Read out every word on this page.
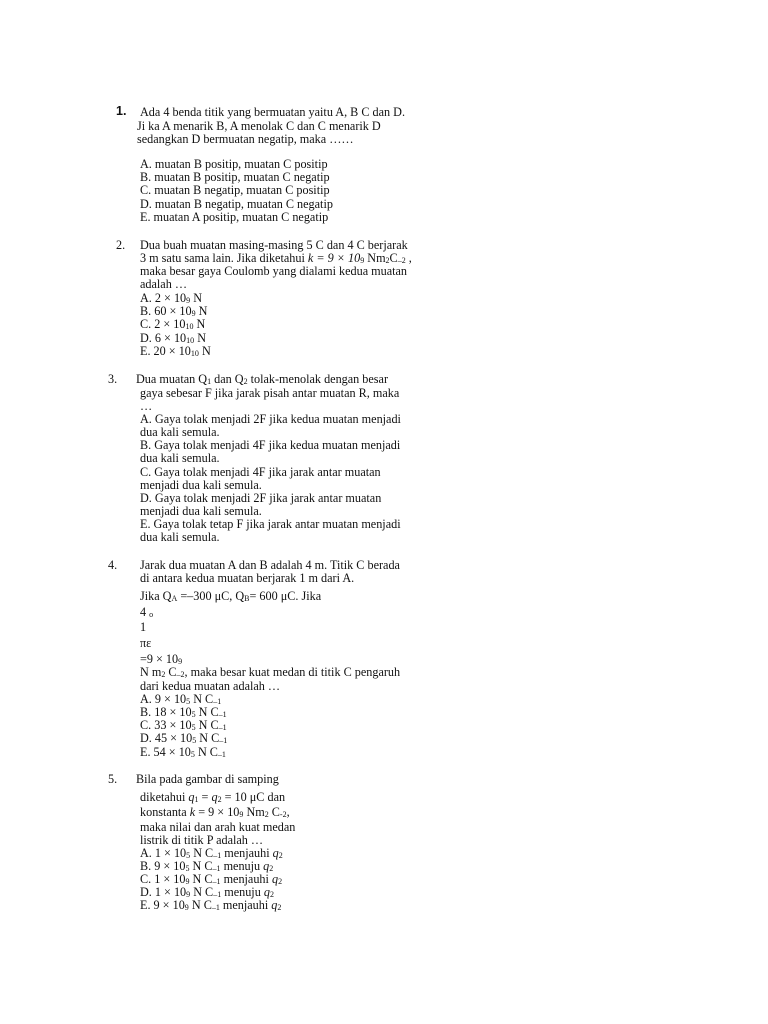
1. Ada 4 benda titik yang bermuatan yaitu A, B C dan D.
Ji ka A menarik B, A menolak C dan C menarik D
sedangkan D bermuatan negatip, maka ……
A. muatan B positip, muatan C positip
B. muatan B positip, muatan C negatip
C. muatan B negatip, muatan C positip
D. muatan B negatip, muatan C negatip
E. muatan A positip, muatan C negatip
2. Dua buah muatan masing-masing 5 C dan 4 C berjarak
3 m satu sama lain. Jika diketahui k = 9 × 109 Nm2C–2 ,
maka besar gaya Coulomb yang dialami kedua muatan
adalah …
A. 2 × 109 N
B. 60 × 109 N
C. 2 × 1010 N
D. 6 × 1010 N
E. 20 × 1010 N
3. Dua muatan Q1 dan Q2 tolak-menolak dengan besar
gaya sebesar F jika jarak pisah antar muatan R, maka
…
A. Gaya tolak menjadi 2F jika kedua muatan menjadi
dua kali semula.
B. Gaya tolak menjadi 4F jika kedua muatan menjadi
dua kali semula.
C. Gaya tolak menjadi 4F jika jarak antar muatan
menjadi dua kali semula.
D. Gaya tolak menjadi 2F jika jarak antar muatan
menjadi dua kali semula.
E. Gaya tolak tetap F jika jarak antar muatan menjadi
dua kali semula.
4. Jarak dua muatan A dan B adalah 4 m. Titik C berada
di antara kedua muatan berjarak 1 m dari A.
Jika QA =–300 μC, QB= 600 μC. Jika
4 o
1
πε
=9 × 109
N m2 C–2, maka besar kuat medan di titik C pengaruh
dari kedua muatan adalah …
A. 9 × 105 N C–1
B. 18 × 105 N C–1
C. 33 × 105 N C–1
D. 45 × 105 N C–1
E. 54 × 105 N C–1
5. Bila pada gambar di samping
diketahui q1 = q2 = 10 μC dan
konstanta k = 9 × 109 Nm2 C-2,
maka nilai dan arah kuat medan
listrik di titik P adalah …
A. 1 × 105 N C–1 menjauhi q2
B. 9 × 105 N C–1 menuju q2
C. 1 × 109 N C–1 menjauhi q2
D. 1 × 109 N C–1 menuju q2
E. 9 × 109 N C–1 menjauhi q2
